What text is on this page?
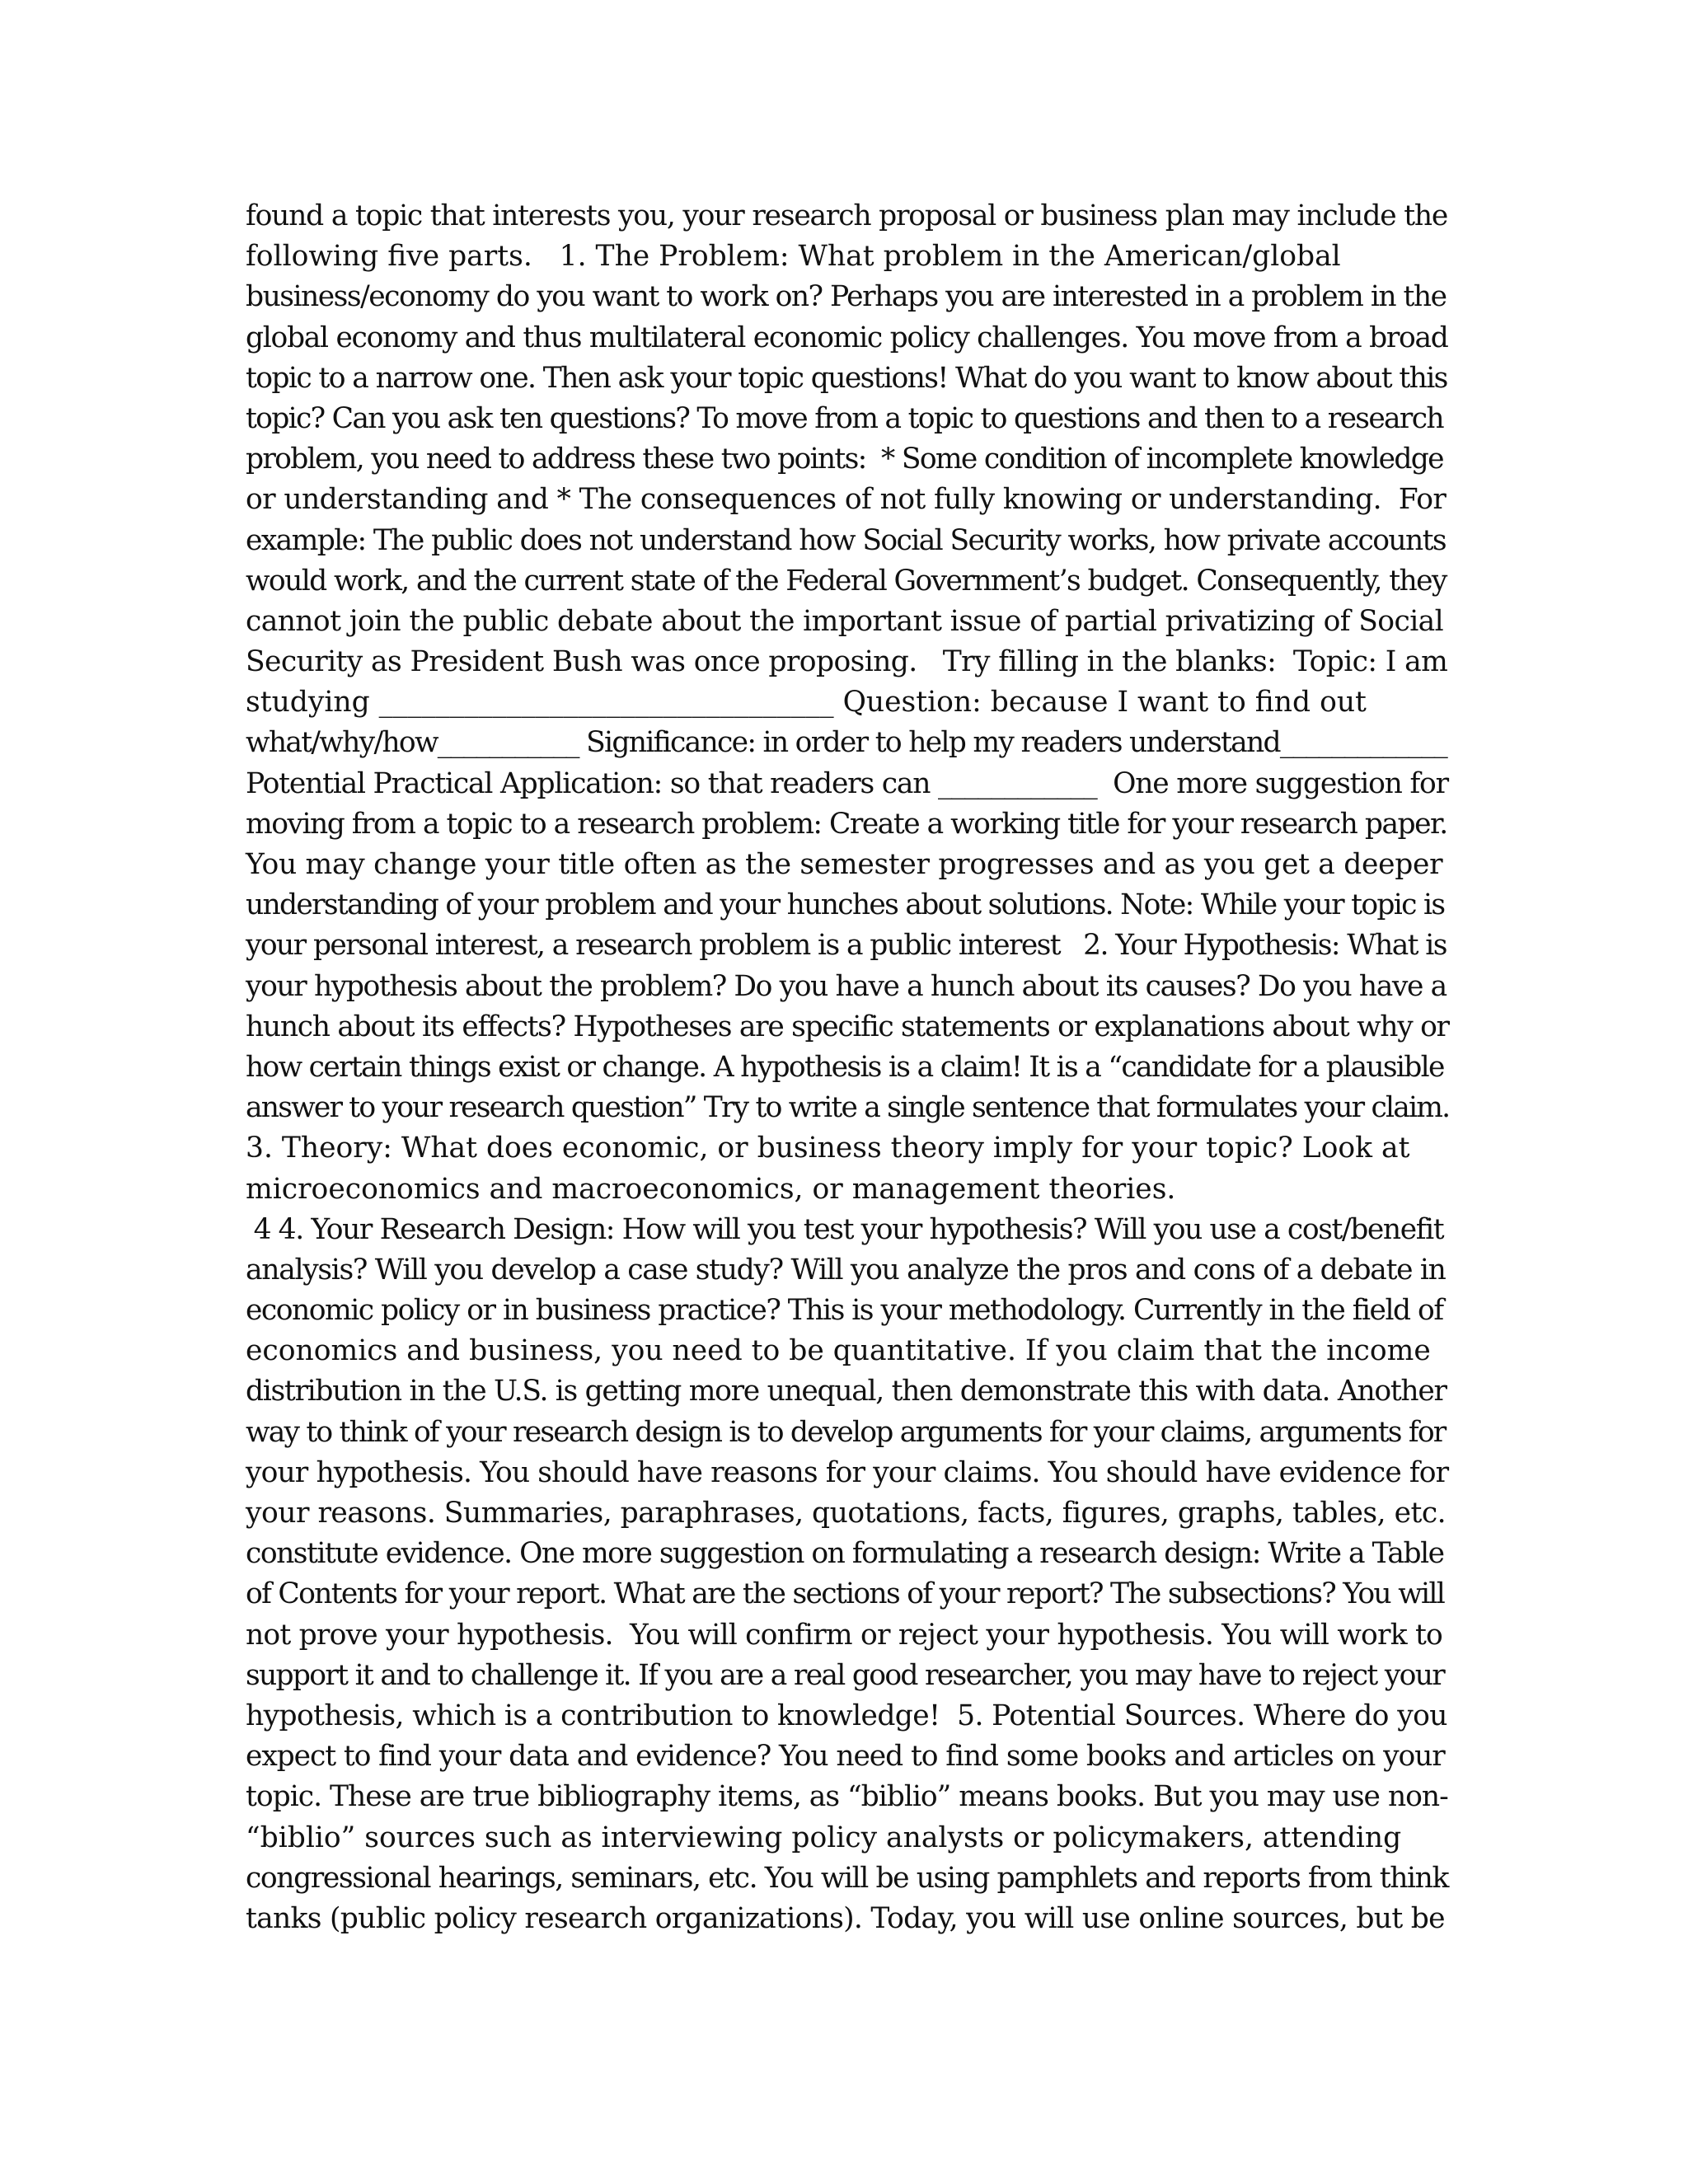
found a topic that interests you, your research proposal or business plan may include the
following five parts.   1. The Problem: What problem in the American/global
business/economy do you want to work on? Perhaps you are interested in a problem in the
global economy and thus multilateral economic policy challenges. You move from a broad
topic to a narrow one. Then ask your topic questions! What do you want to know about this
topic? Can you ask ten questions? To move from a topic to questions and then to a research
problem, you need to address these two points:  * Some condition of incomplete knowledge
or understanding and * The consequences of not fully knowing or understanding.  For
example: The public does not understand how Social Security works, how private accounts
would work, and the current state of the Federal Government’s budget. Consequently, they
cannot join the public debate about the important issue of partial privatizing of Social
Security as President Bush was once proposing.   Try filling in the blanks:  Topic: I am
studying ________________________________ Question: because I want to find out
what/why/how___________ Significance: in order to help my readers understand_____________
Potential Practical Application: so that readers can ____________  One more suggestion for
moving from a topic to a research problem: Create a working title for your research paper.
You may change your title often as the semester progresses and as you get a deeper
understanding of your problem and your hunches about solutions. Note: While your topic is
your personal interest, a research problem is a public interest   2. Your Hypothesis: What is
your hypothesis about the problem? Do you have a hunch about its causes? Do you have a
hunch about its effects? Hypotheses are specific statements or explanations about why or
how certain things exist or change. A hypothesis is a claim! It is a “candidate for a plausible
answer to your research question” Try to write a single sentence that formulates your claim.
3. Theory: What does economic, or business theory imply for your topic? Look at
microeconomics and macroeconomics, or management theories.
4 4. Your Research Design: How will you test your hypothesis? Will you use a cost/benefit
analysis? Will you develop a case study? Will you analyze the pros and cons of a debate in
economic policy or in business practice? This is your methodology. Currently in the field of
economics and business, you need to be quantitative. If you claim that the income
distribution in the U.S. is getting more unequal, then demonstrate this with data. Another
way to think of your research design is to develop arguments for your claims, arguments for
your hypothesis. You should have reasons for your claims. You should have evidence for
your reasons. Summaries, paraphrases, quotations, facts, figures, graphs, tables, etc.
constitute evidence. One more suggestion on formulating a research design: Write a Table
of Contents for your report. What are the sections of your report? The subsections? You will
not prove your hypothesis.  You will confirm or reject your hypothesis. You will work to
support it and to challenge it. If you are a real good researcher, you may have to reject your
hypothesis, which is a contribution to knowledge!  5. Potential Sources. Where do you
expect to find your data and evidence? You need to find some books and articles on your
topic. These are true bibliography items, as “biblio” means books. But you may use non-
“biblio” sources such as interviewing policy analysts or policymakers, attending
congressional hearings, seminars, etc. You will be using pamphlets and reports from think
tanks (public policy research organizations). Today, you will use online sources, but be
